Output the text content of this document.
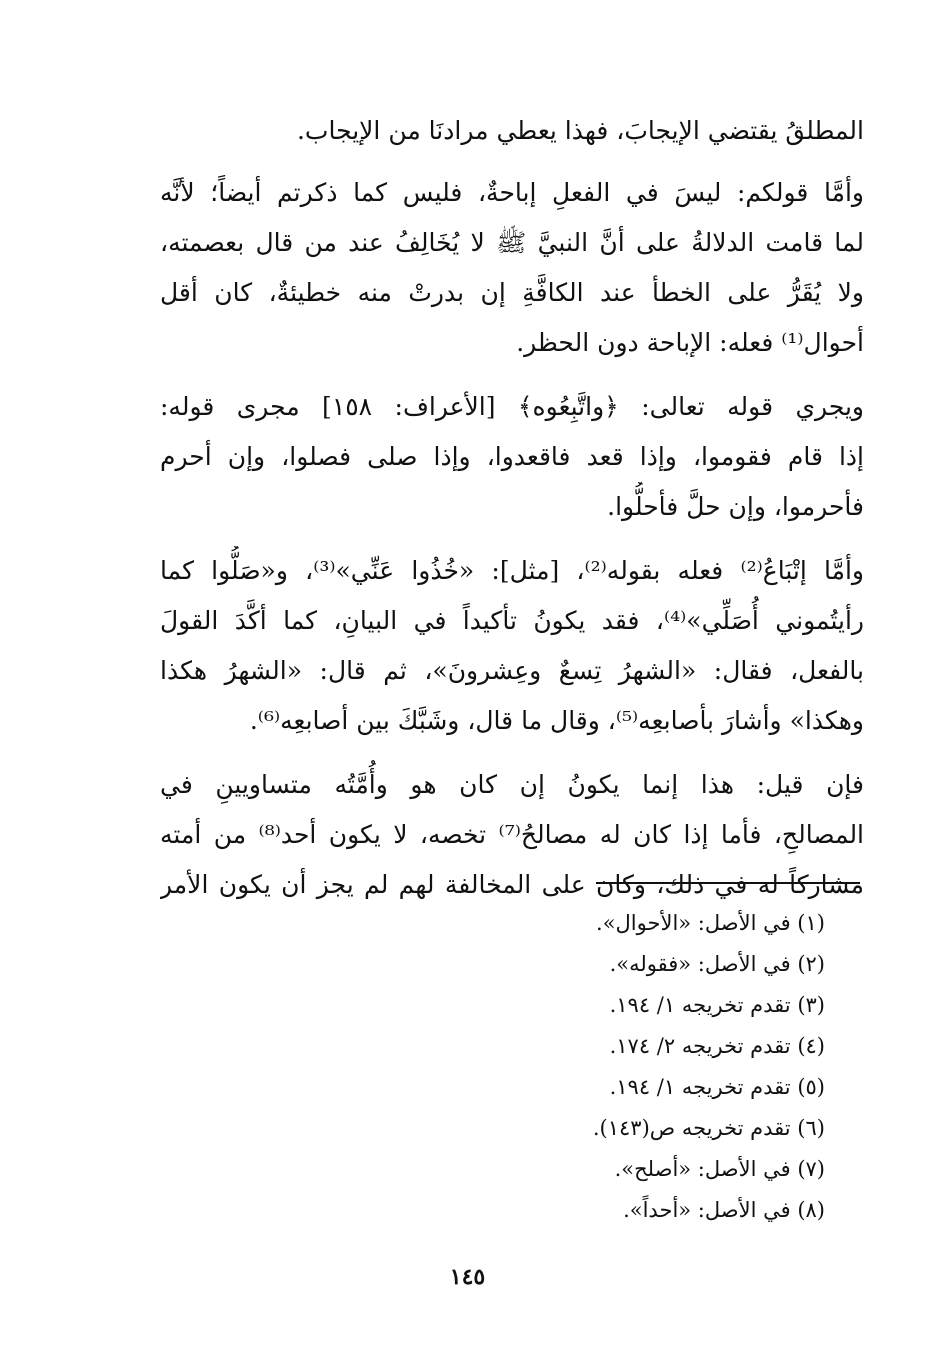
المطلقُ يقتضي الإيجابَ، فهذا يعطي مرادنَا من الإيجاب.
وأمَّا قولكم: ليسَ في الفعلِ إباحةٌ، فليس كما ذكرتم أيضاً؛ لأنَّه
لما قامت الدلالةُ على أنَّ النبيَّ ﷺ لا يُخَالِفُ عند من قال بعصمته،
ولا يُقَرُّ على الخطأ عند الكافَّةِ إن بدرتْ منه خطيئةٌ، كان أقل
أحوال⁽¹⁾ فعله: الإباحة دون الحظر.
ويجري قوله تعالى: ﴿واتَّبِعُوه﴾ [الأعراف: ١٥٨] مجرى قوله:
إذا قام فقوموا، وإذا قعد فاقعدوا، وإذا صلى فصلوا، وإن أحرم
فأحرموا، وإن حلَّ فأحلُّوا.
وأمَّا إتْبَاعُ⁽²⁾ فعله بقوله⁽²⁾، [مثل]: «خُذُوا عَنِّي»⁽³⁾، و«صَلُّوا كما
رأيتُموني أُصَلِّي»⁽⁴⁾، فقد يكونُ تأكيداً في البيانِ، كما أكَّدَ القولَ
بالفعل، فقال: «الشهرُ تِسعٌ وعِشرونَ»، ثم قال: «الشهرُ هكذا
وهكذا» وأشارَ بأصابعِه⁽⁵⁾، وقال ما قال، وشَبَّكَ بين أصابعِه⁽⁶⁾.
فإن قيل: هذا إنما يكونُ إن كان هو وأُمَّتُه متساويينِ في
المصالحِ، فأما إذا كان له مصالحُ⁽⁷⁾ تخصه، لا يكون أحد⁽⁸⁾ من أمته
مشاركاً له في ذلك، وكان على المخالفة لهم لم يجز أن يكون الأمر
(١) في الأصل: «الأحوال».
(٢) في الأصل: «فقوله».
(٣) تقدم تخريجه ١/ ١٩٤.
(٤) تقدم تخريجه ٢/ ١٧٤.
(٥) تقدم تخريجه ١/ ١٩٤.
(٦) تقدم تخريجه ص(١٤٣).
(٧) في الأصل: «أصلح».
(٨) في الأصل: «أحداً».
١٤٥
